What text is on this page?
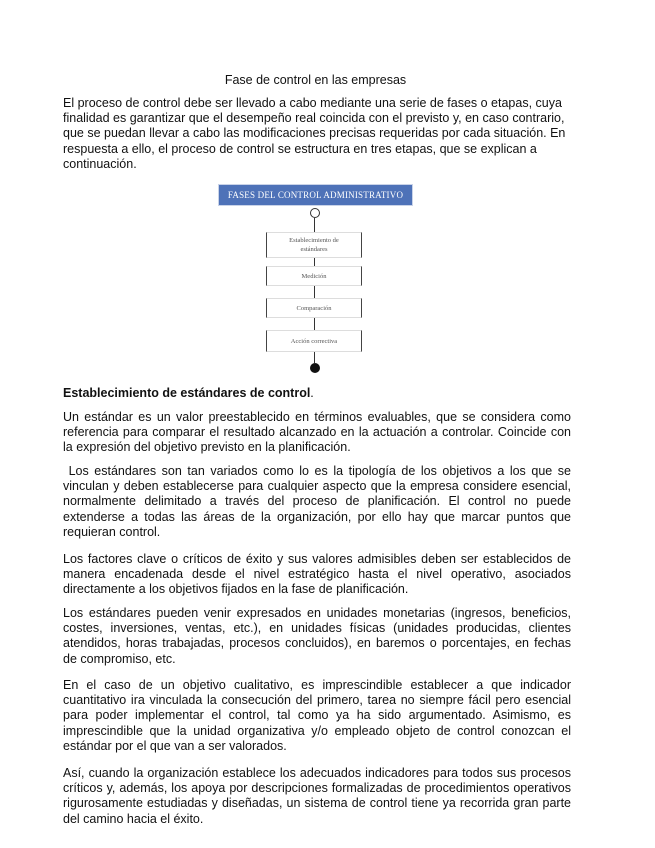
Fase de control en las empresas

El proceso de control debe ser llevado a cabo mediante una serie de fases o etapas, cuya finalidad es garantizar que el desempeño real coincida con el previsto y, en caso contrario, que se puedan llevar a cabo las modificaciones precisas requeridas por cada situación. En respuesta a ello, el proceso de control se estructura en tres etapas, que se explican a continuación.

FASES DEL CONTROL ADMINISTRATIVO
Establecimiento de estándares
Medición
Comparación
Acción correctiva
Establecimiento de estándares de control.

Un estándar es un valor preestablecido en términos evaluables, que se considera como referencia para comparar el resultado alcanzado en la actuación a controlar. Coincide con la expresión del objetivo previsto en la planificación.

Los estándares son tan variados como lo es la tipología de los objetivos a los que se vinculan y deben establecerse para cualquier aspecto que la empresa considere esencial, normalmente delimitado a través del proceso de planificación. El control no puede extenderse a todas las áreas de la organización, por ello hay que marcar puntos que requieran control.

Los factores clave o críticos de éxito y sus valores admisibles deben ser establecidos de manera encadenada desde el nivel estratégico hasta el nivel operativo, asociados directamente a los objetivos fijados en la fase de planificación.

Los estándares pueden venir expresados en unidades monetarias (ingresos, beneficios, costes, inversiones, ventas, etc.), en unidades físicas (unidades producidas, clientes atendidos, horas trabajadas, procesos concluidos), en baremos o porcentajes, en fechas de compromiso, etc.

En el caso de un objetivo cualitativo, es imprescindible establecer a que indicador cuantitativo ira vinculada la consecución del primero, tarea no siempre fácil pero esencial para poder implementar el control, tal como ya ha sido argumentado. Asimismo, es imprescindible que la unidad organizativa y/o empleado objeto de control conozcan el estándar por el que van a ser valorados.

Así, cuando la organización establece los adecuados indicadores para todos sus procesos críticos y, además, los apoya por descripciones formalizadas de procedimientos operativos rigurosamente estudiadas y diseñadas, un sistema de control tiene ya recorrida gran parte del camino hacia el éxito.
